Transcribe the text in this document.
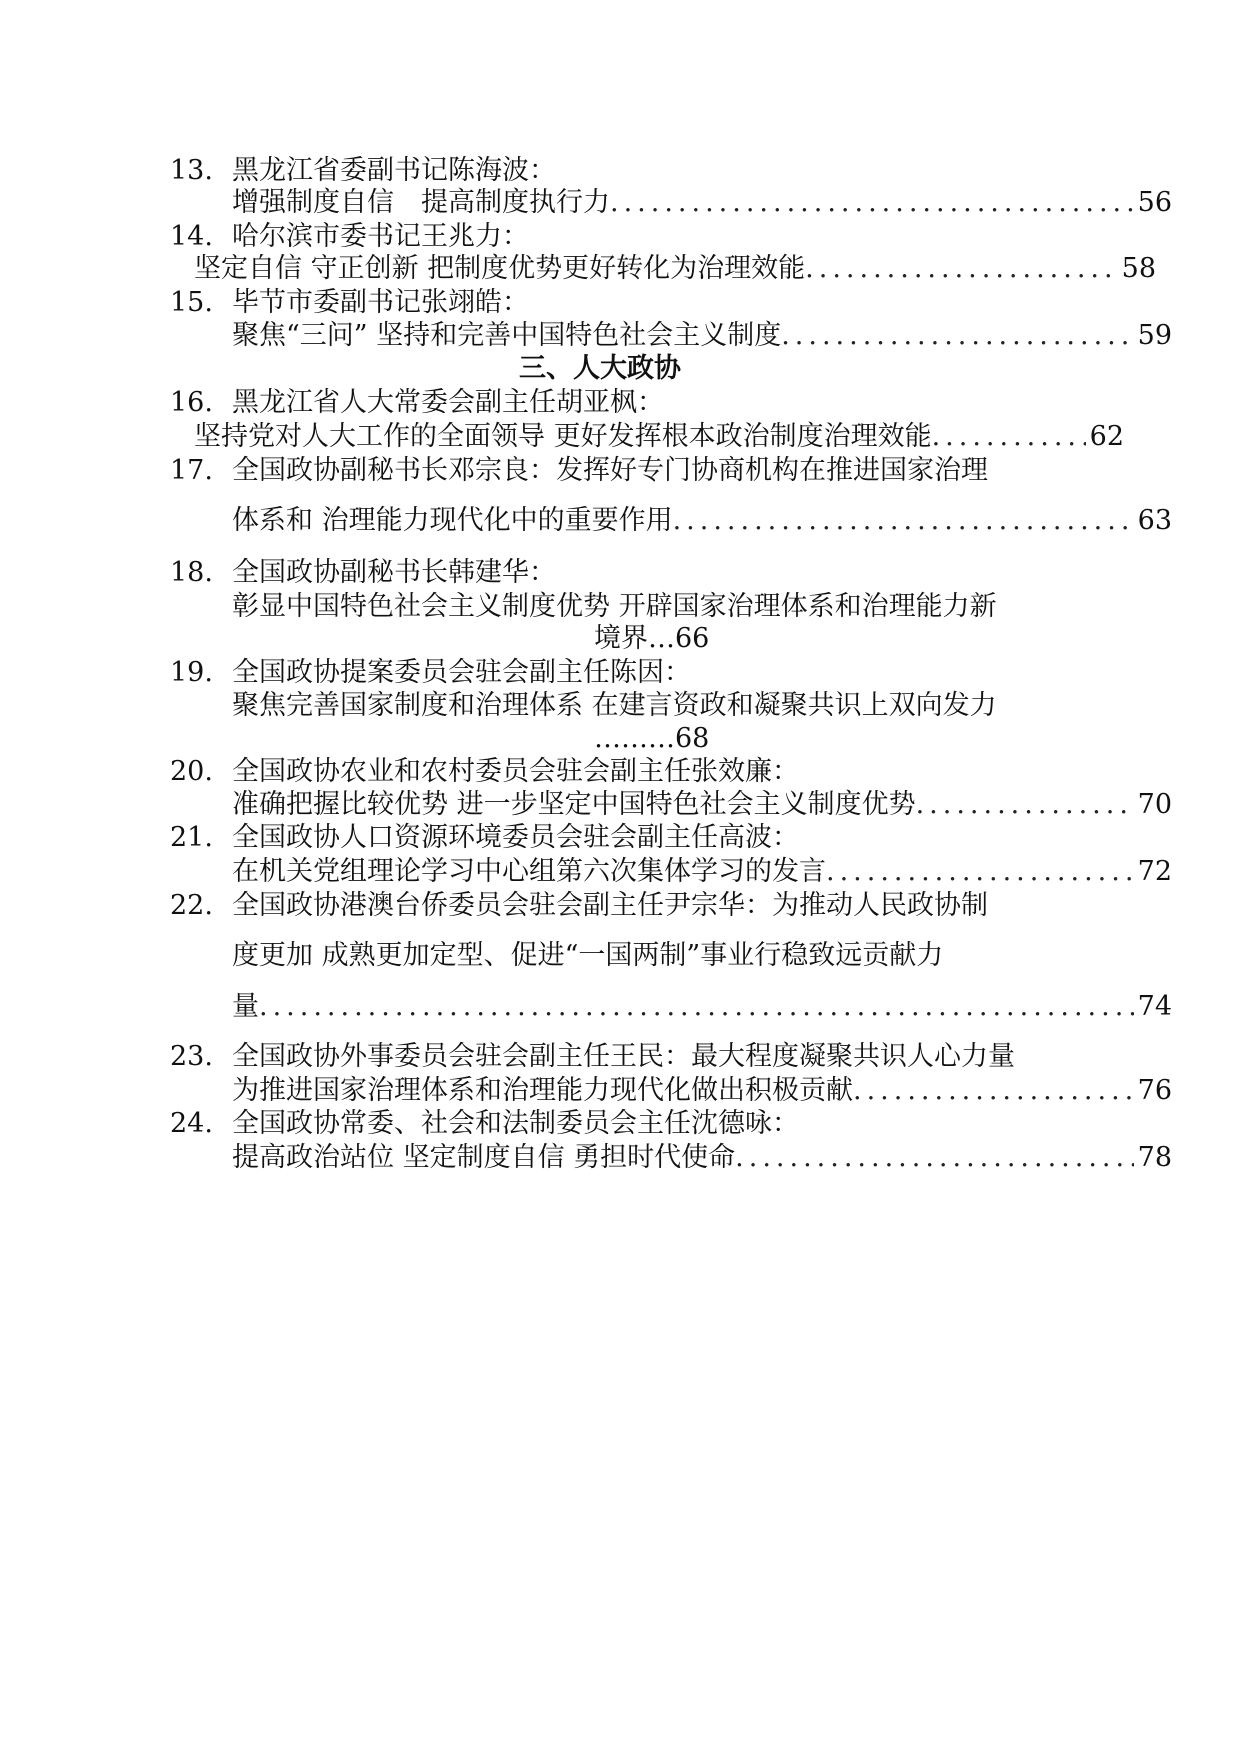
13. 黑龙江省委副书记陈海波：
增强制度自信　提高制度执行力 .....	56
14. 哈尔滨市委书记王兆力：
坚定自信 守正创新 把制度优势更好转化为治理效能 .....	58
15. 毕节市委副书记张翊皓：
聚焦“三问” 坚持和完善中国特色社会主义制度 .....	59
三、人大政协
16. 黑龙江省人大常委会副主任胡亚枫：
坚持党对人大工作的全面领导 更好发挥根本政治制度治理效能 .....	62
17. 全国政协副秘书长邓宗良：发挥好专门协商机构在推进国家治理
体系和 治理能力现代化中的重要作用 .....	63
18. 全国政协副秘书长韩建华：
彰显中国特色社会主义制度优势 开辟国家治理体系和治理能力新
境界…66
19. 全国政协提案委员会驻会副主任陈因：
聚焦完善国家制度和治理体系 在建言资政和凝聚共识上双向发力
………68
20. 全国政协农业和农村委员会驻会副主任张效廉：
准确把握比较优势 进一步坚定中国特色社会主义制度优势 .....	70
21. 全国政协人口资源环境委员会驻会副主任高波：
在机关党组理论学习中心组第六次集体学习的发言 .....	72
22. 全国政协港澳台侨委员会驻会副主任尹宗华：为推动人民政协制
度更加 成熟更加定型、促进“一国两制”事业行稳致远贡献力
量 .....	74
23. 全国政协外事委员会驻会副主任王民：最大程度凝聚共识人心力量
为推进国家治理体系和治理能力现代化做出积极贡献 .....	76
24. 全国政协常委、社会和法制委员会主任沈德咏：
提高政治站位 坚定制度自信 勇担时代使命 .....	78
